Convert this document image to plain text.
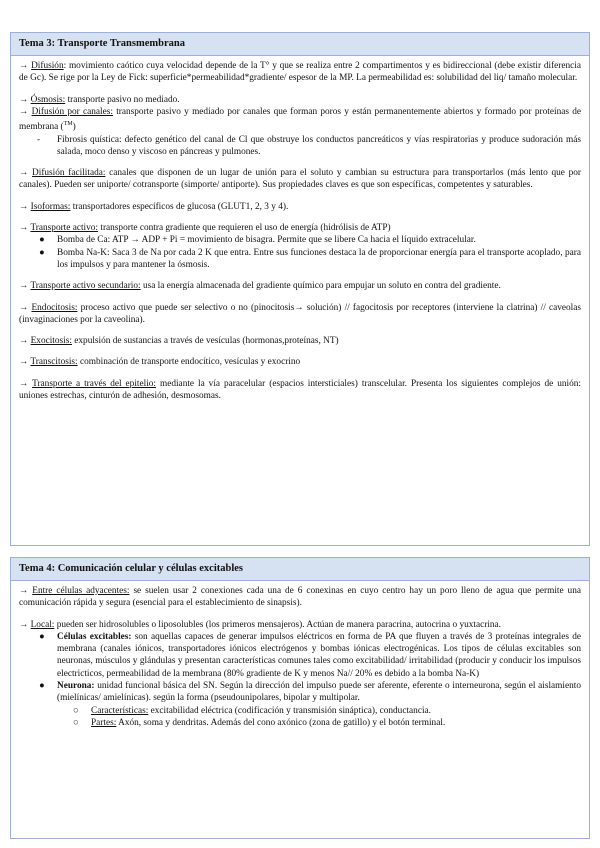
Tema 3: Transporte Transmembrana

→ Difusión: movimiento caótico cuya velocidad depende de la T° y que se realiza entre 2 compartimentos y es bidireccional (debe existir diferencia de Gc). Se rige por la Ley de Fick: superficie*permeabilidad*gradiente/ espesor de la MP. La permeabilidad es: solubilidad del liq/ tamaño molecular.

→ Ósmosis: transporte pasivo no mediado.

→ Difusión por canales: transporte pasivo y mediado por canales que forman poros y están permanentemente abiertos y formado por proteínas de membrana (™)

- Fibrosis quística: defecto genético del canal de Cl que obstruye los conductos pancreáticos y vías respiratorias y produce sudoración más salada, moco denso y viscoso en páncreas y pulmones.

→ Difusión facilitada: canales que disponen de un lugar de unión para el soluto y cambian su estructura para transportarlos (más lento que por canales). Pueden ser uniporte/ cotransporte (simporte/ antiporte). Sus propiedades claves es que son específicas, competentes y saturables.

→ Isoformas: transportadores específicos de glucosa (GLUT1, 2, 3 y 4).

→ Transporte activo: transporte contra gradiente que requieren el uso de energía (hidrólisis de ATP)

● Bomba de Ca: ATP → ADP + Pi = movimiento de bisagra. Permite que se libere Ca hacia el líquido extracelular.
● Bomba Na-K: Saca 3 de Na por cada 2 K que entra. Entre sus funciones destaca la de proporcionar energía para el transporte acoplado, para los impulsos y para mantener la ósmosis.

→ Transporte activo secundario: usa la energía almacenada del gradiente químico para empujar un soluto en contra del gradiente.

→ Endocitosis: proceso activo que puede ser selectivo o no (pinocitosis→ solución) // fagocitosis por receptores (interviene la clatrina) // caveolas (invaginaciones por la caveolina).

→ Exocitosis: expulsión de sustancias a través de vesículas (hormonas,proteínas, NT)

→ Transcitosis: combinación de transporte endocítico, vesículas y exocrino

→ Transporte a través del epitelio: mediante la vía paracelular (espacios intersticiales) transcelular. Presenta los siguientes complejos de unión: uniones estrechas, cinturón de adhesión, desmosomas.

Tema 4: Comunicación celular y células excitables

→ Entre células adyacentes: se suelen usar 2 conexiones cada una de 6 conexinas en cuyo centro hay un poro lleno de agua que permite una comunicación rápida y segura (esencial para el establecimiento de sinapsis).

→ Local: pueden ser hidrosolubles o liposolubles (los primeros mensajeros). Actúan de manera paracrina, autocrina o yuxtacrina.

● Células excitables: son aquellas capaces de generar impulsos eléctricos en forma de PA que fluyen a través de 3 proteínas integrales de membrana (canales iónicos, transportadores iónicos electrógenos y bombas iónicas electrogénicas. Los tipos de células excitables son neuronas, músculos y glándulas y presentan características comunes tales como excitabilidad/ irritabilidad (producir y conducir los impulsos electricticos, permeabilidad de la membrana (80% gradiente de K y menos Na// 20% es debido a la bomba Na-K)
● Neurona: unidad funcional básica del SN. Según la dirección del impulso puede ser aferente, eferente o interneurona, según el aislamiento (mielínicas/ amielínicas). según la forma (pseudounipolares, bipolar y multipolar.
○ Características: excitabilidad eléctrica (codificación y transmisión sináptica), conductancia.
○ Partes: Axón, soma y dendritas. Además del cono axónico (zona de gatillo) y el botón terminal.
